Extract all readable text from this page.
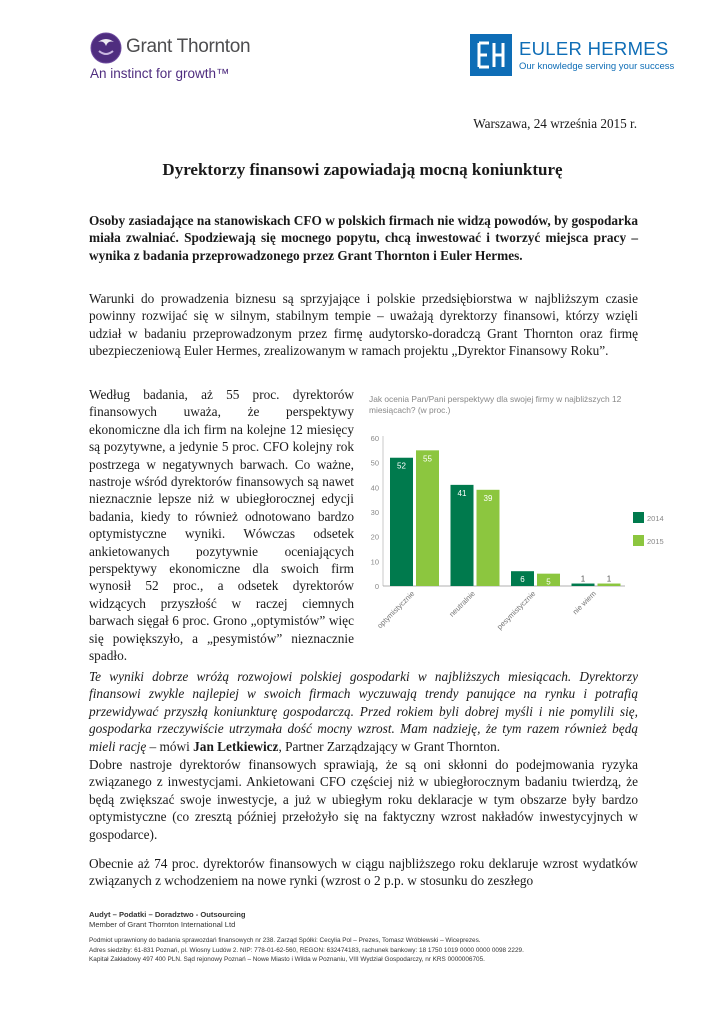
Grant Thornton
An instinct for growth™
EULER HERMES
Our knowledge serving your success
Warszawa, 24 września 2015 r.
Dyrektorzy finansowi zapowiadają mocną koniunkturę
Osoby zasiadające na stanowiskach CFO w polskich firmach nie widzą powodów, by gospodarka miała zwalniać. Spodziewają się mocnego popytu, chcą inwestować i tworzyć miejsca pracy – wynika z badania przeprowadzonego przez Grant Thornton i Euler Hermes.
Warunki do prowadzenia biznesu są sprzyjające i polskie przedsiębiorstwa w najbliższym czasie powinny rozwijać się w silnym, stabilnym tempie – uważają dyrektorzy finansowi, którzy wzięli udział w badaniu przeprowadzonym przez firmę audytorsko-doradczą Grant Thornton oraz firmę ubezpieczeniową Euler Hermes, zrealizowanym w ramach projektu „Dyrektor Finansowy Roku”.
Według badania, aż 55 proc. dyrektorów finansowych uważa, że perspektywy ekonomiczne dla ich firm na kolejne 12 miesięcy są pozytywne, a jedynie 5 proc. CFO kolejny rok postrzega w negatywnych barwach. Co ważne, nastroje wśród dyrektorów finansowych są nawet nieznacznie lepsze niż w ubiegłorocznej edycji badania, kiedy to również odnotowano bardzo optymistyczne wyniki. Wówczas odsetek ankietowanych pozytywnie oceniających perspektywy ekonomiczne dla swoich firm wynosił 52 proc., a odsetek dyrektorów widzących przyszłość w raczej ciemnych barwach sięgał 6 proc. Grono „optymistów” więc się powiększyło, a „pesymistów” nieznacznie spadło.
Jak ocenia Pan/Pani perspektywy dla swojej firmy w najbliższych 12 miesiącach? (w proc.)
0
10
20
30
40
50
60
52
55
optymistycznie
41
39
neutralnie
6	5
pesymistycznie
1	1
nie wiem
2014
2015
Te wyniki dobrze wróżą rozwojowi polskiej gospodarki w najbliższych miesiącach. Dyrektorzy finansowi zwykle najlepiej w swoich firmach wyczuwają trendy panujące na rynku i potrafią przewidywać przyszłą koniunkturę gospodarczą. Przed rokiem byli dobrej myśli i nie pomylili się, gospodarka rzeczywiście utrzymała dość mocny wzrost. Mam nadzieję, że tym razem również będą mieli rację – mówi Jan Letkiewicz, Partner Zarządzający w Grant Thornton.
Dobre nastroje dyrektorów finansowych sprawiają, że są oni skłonni do podejmowania ryzyka związanego z inwestycjami. Ankietowani CFO częściej niż w ubiegłorocznym badaniu twierdzą, że będą zwiększać swoje inwestycje, a już w ubiegłym roku deklaracje w tym obszarze były bardzo optymistyczne (co zresztą później przełożyło się na faktyczny wzrost nakładów inwestycyjnych w gospodarce).
Obecnie aż 74 proc. dyrektorów finansowych w ciągu najbliższego roku deklaruje wzrost wydatków związanych z wchodzeniem na nowe rynki (wzrost o 2 p.p. w stosunku do zeszłego
Audyt – Podatki – Doradztwo - Outsourcing
Member of Grant Thornton International Ltd
Podmiot uprawniony do badania sprawozdań finansowych nr 238. Zarząd Spółki: Cecylia Pol – Prezes, Tomasz Wróblewski – Wiceprezes.
Adres siedziby: 61-831 Poznań, pl. Wiosny Ludów 2. NIP: 778-01-62-560, REGON: 632474183, rachunek bankowy: 18 1750 1019 0000 0000 0098 2229.
Kapitał Zakładowy 497 400 PLN. Sąd rejonowy Poznań – Nowe Miasto i Wilda w Poznaniu, VIII Wydział Gospodarczy, nr KRS 0000006705.
